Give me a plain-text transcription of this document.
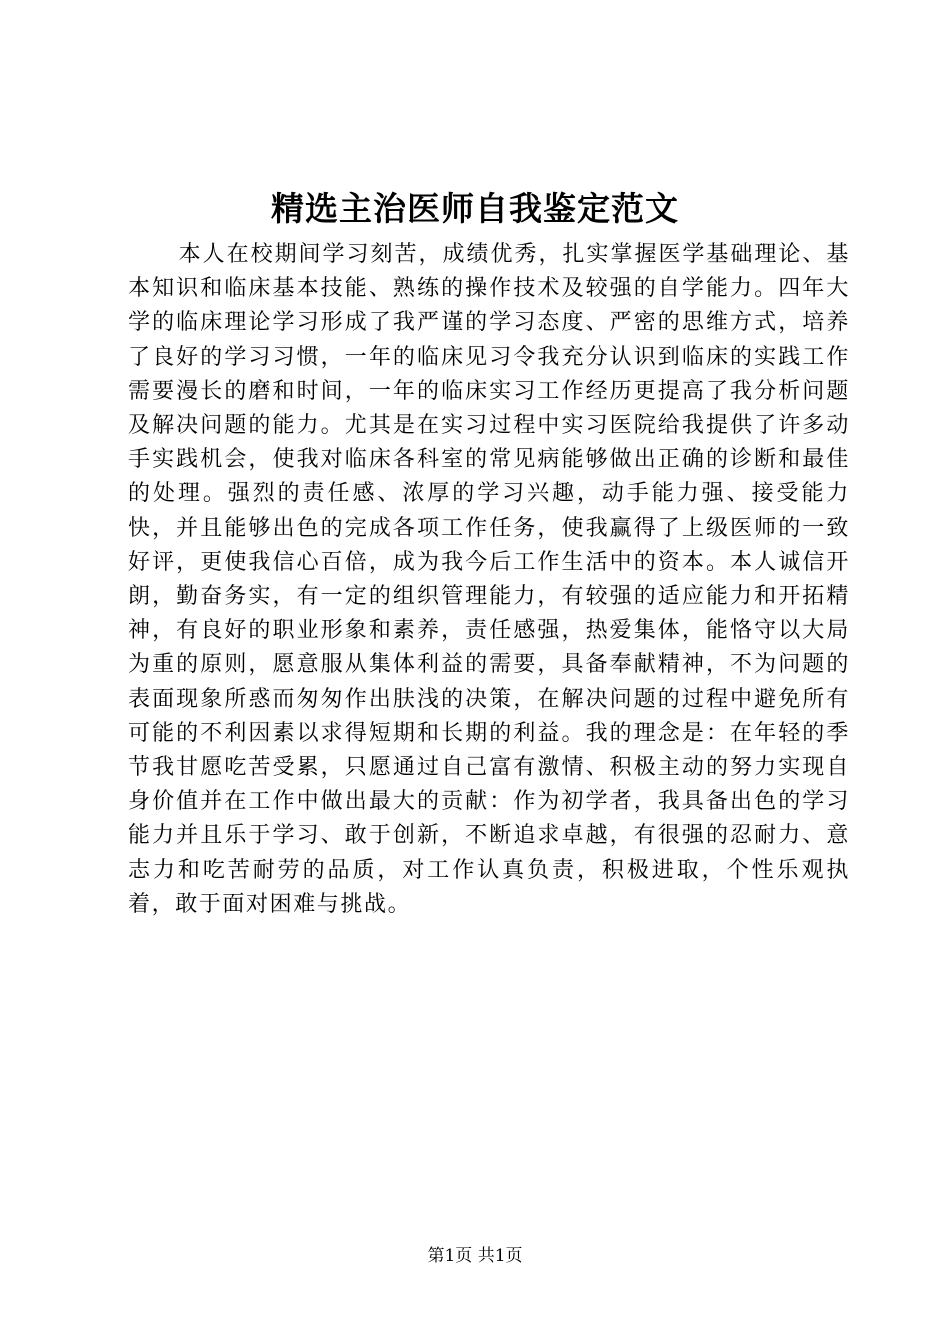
精选主治医师自我鉴定范文

本人在校期间学习刻苦，成绩优秀，扎实掌握医学基础理论、基本知识和临床基本技能、熟练的操作技术及较强的自学能力。四年大学的临床理论学习形成了我严谨的学习态度、严密的思维方式，培养了良好的学习习惯，一年的临床见习令我充分认识到临床的实践工作需要漫长的磨和时间，一年的临床实习工作经历更提高了我分析问题及解决问题的能力。尤其是在实习过程中实习医院给我提供了许多动手实践机会，使我对临床各科室的常见病能够做出正确的诊断和最佳的处理。强烈的责任感、浓厚的学习兴趣，动手能力强、接受能力快，并且能够出色的完成各项工作任务，使我赢得了上级医师的一致好评，更使我信心百倍，成为我今后工作生活中的资本。本人诚信开朗，勤奋务实，有一定的组织管理能力，有较强的适应能力和开拓精神，有良好的职业形象和素养，责任感强，热爱集体，能恪守以大局为重的原则，愿意服从集体利益的需要，具备奉献精神，不为问题的表面现象所惑而匆匆作出肤浅的决策，在解决问题的过程中避免所有可能的不利因素以求得短期和长期的利益。我的理念是：在年轻的季节我甘愿吃苦受累，只愿通过自己富有激情、积极主动的努力实现自身价值并在工作中做出最大的贡献：作为初学者，我具备出色的学习能力并且乐于学习、敢于创新，不断追求卓越，有很强的忍耐力、意志力和吃苦耐劳的品质，对工作认真负责，积极进取，个性乐观执着，敢于面对困难与挑战。

第1页 共1页
